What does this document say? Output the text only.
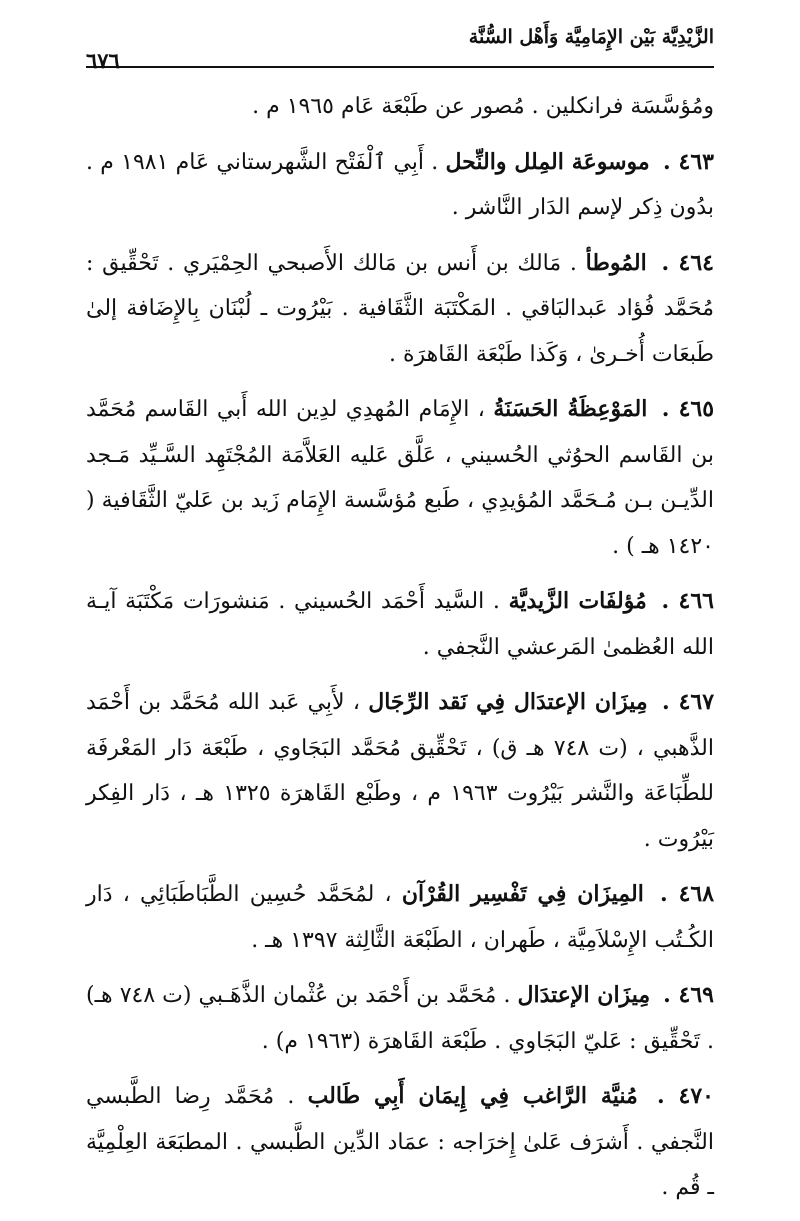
الزَّيْدِيَّة بَيْن الإِمَامِيَّة وَأَهْل السُّنَّة
٦٧٦

ومُؤسَّسَة فرانكلين . مُصور عن طَبْعَة عَام ١٩٦٥ م .

٤٦٣ . موسوعَة المِلل والنِّحل . أَبِي ٱلْفَتْح الشَّهرستاني عَام ١٩٨١ م . بدُون ذِكر لإسم الدَار النَّاشر .

٤٦٤ . المُوطأ . مَالك بن أَنس بن مَالك الأَصبحي الحِمْيَري . تَحْقِّيق : مُحَمَّد فُؤاد عَبدالبَاقي . المَكْتَبَة الثَّقَافية . بَيْرُوت ـ لُبْنَان بِالإِضَافة إلىٰ طَبعَات أُخـرىٰ ، وَكَذا طَبْعَة القَاهرَة .

٤٦٥ . المَوْعِظَةُ الحَسَنَةُ ، الإِمَام المُهدِي لدِين الله أَبي القَاسم مُحَمَّد بن القَاسم الحوُثي الحُسيني ، عَلَّق عَليه العَلاَّمَة المُجْتَهِد السَّـيِّد مَـجد الدِّيـن بـن مُـحَمَّد المُؤيدِي ، طَبع مُؤسَّسة الإِمَام زَيد بن عَليّ الثَّقَافية ( ١٤٢٠ هـ ) .

٤٦٦ . مُؤلفَات الزَّيديَّة . السَّيد أَحْمَد الحُسيني . مَنشورَات مَكْتَبَة آيـة الله العُظمىٰ المَرعشي النَّجفي .

٤٦٧ . مِيزَان الإعتدَال فِي نَقد الرِّجَال ، لأَبِي عَبد الله مُحَمَّد بن أَحْمَد الذَّهبي ، (ت ٧٤٨ هـ ق) ، تَحْقِّيق مُحَمَّد البَجَاوي ، طَبْعَة دَار المَعْرفَة للطِّبَاعَة والنَّشر بَيْرُوت ١٩٦٣ م ، وطَبْع القَاهرَة ١٣٢٥ هـ ، دَار الفِكر بَيْرُوت .

٤٦٨ . المِيزَان فِي تَفْسِير القُرْآن ، لمُحَمَّد حُسِين الطَّبَاطَبَائِي ، دَار الكُـتُب الإِسْلاَمِيَّة ، طَهران ، الطَبْعَة الثَّالِثة ١٣٩٧ هـ .

٤٦٩ . مِيزَان الإعتدَال . مُحَمَّد بن أَحْمَد بن عُثْمان الذَّهَـبي (ت ٧٤٨ هـ) . تَحْقِّيق : عَليّ البَجَاوي . طَبْعَة القَاهرَة (١٩٦٣ م) .

٤٧٠ . مُنيَّة الرَّاغب فِي إِيمَان أَبِي طَالب . مُحَمَّد رِضا الطَّبسي النَّجفي . أَشرَف عَلىٰ إِخرَاجه : عمَاد الدِّين الطَّبسي . المطبَعَة العِلْمِيَّة ـ قُم .
